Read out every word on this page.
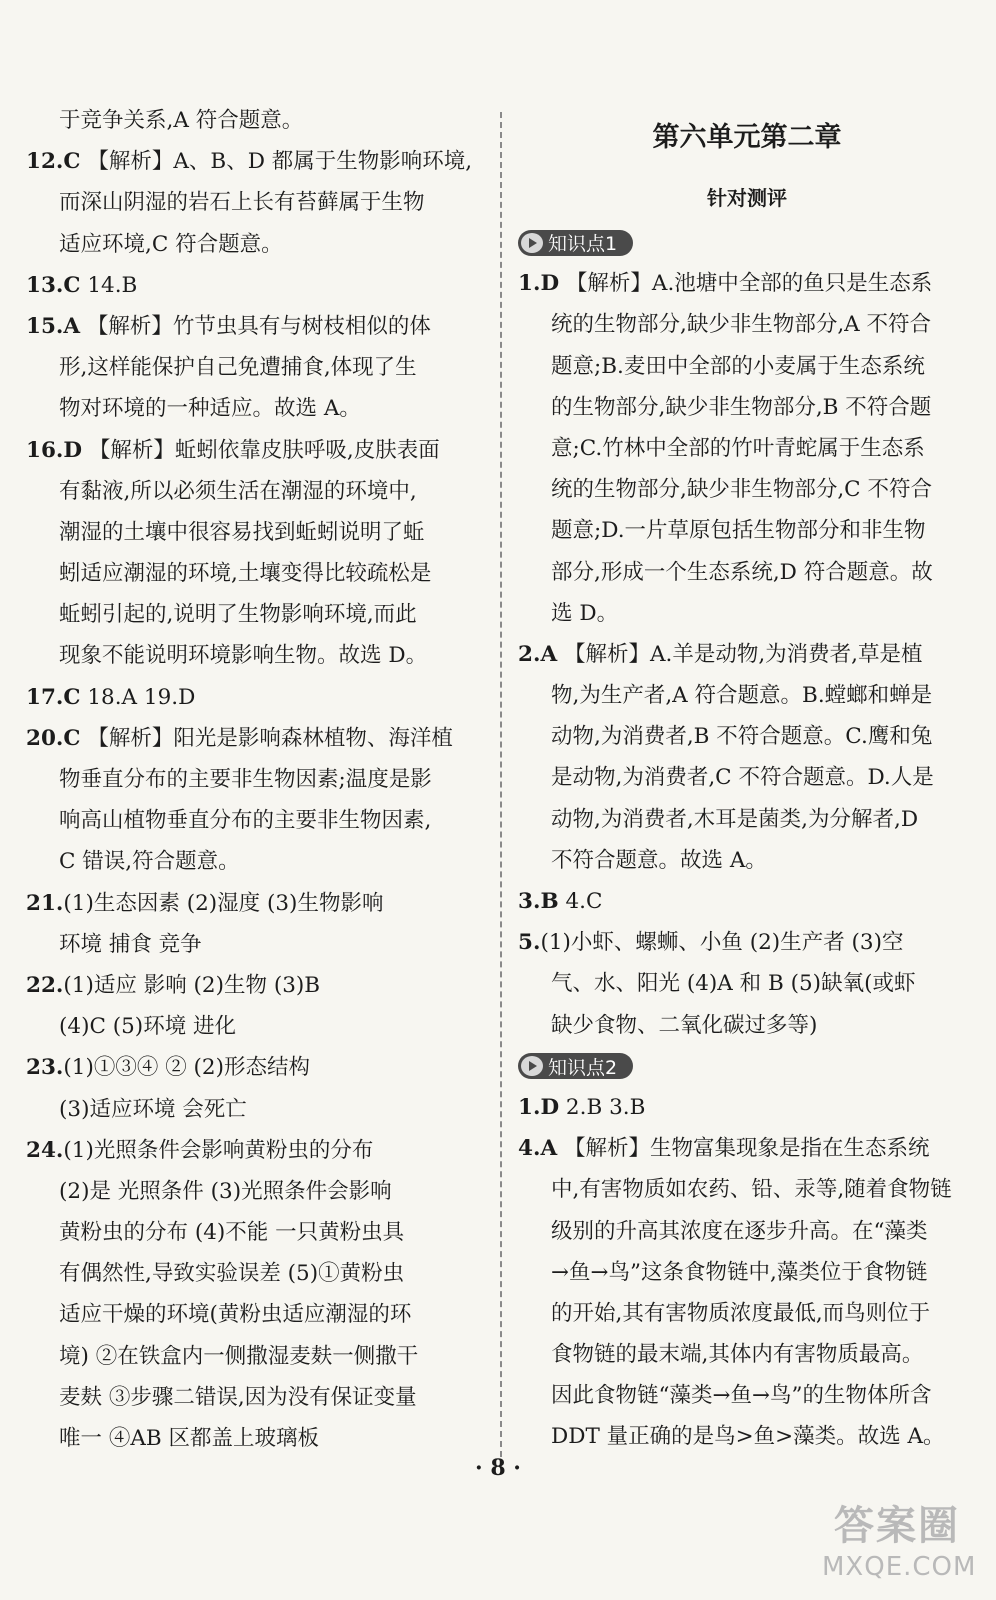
于竞争关系,A 符合题意。
12.C 【解析】A、B、D 都属于生物影响环境,
而深山阴湿的岩石上长有苔藓属于生物
适应环境,C 符合题意。
13.C 14.B
15.A 【解析】竹节虫具有与树枝相似的体
形,这样能保护自己免遭捕食,体现了生
物对环境的一种适应。故选 A。
16.D 【解析】蚯蚓依靠皮肤呼吸,皮肤表面
有黏液,所以必须生活在潮湿的环境中,
潮湿的土壤中很容易找到蚯蚓说明了蚯
蚓适应潮湿的环境,土壤变得比较疏松是
蚯蚓引起的,说明了生物影响环境,而此
现象不能说明环境影响生物。故选 D。
17.C 18.A 19.D
20.C 【解析】阳光是影响森林植物、海洋植
物垂直分布的主要非生物因素;温度是影
响高山植物垂直分布的主要非生物因素,
C 错误,符合题意。
21.(1)生态因素 (2)湿度 (3)生物影响
环境 捕食 竞争
22.(1)适应 影响 (2)生物 (3)B
(4)C (5)环境 进化
23.(1)①③④ ② (2)形态结构
(3)适应环境 会死亡
24.(1)光照条件会影响黄粉虫的分布
(2)是 光照条件 (3)光照条件会影响
黄粉虫的分布 (4)不能 一只黄粉虫具
有偶然性,导致实验误差 (5)①黄粉虫
适应干燥的环境(黄粉虫适应潮湿的环
境) ②在铁盒内一侧撒湿麦麸一侧撒干
麦麸 ③步骤二错误,因为没有保证变量
唯一 ④AB 区都盖上玻璃板
第六单元第二章
针对测评
知识点1
1.D 【解析】A.池塘中全部的鱼只是生态系
统的生物部分,缺少非生物部分,A 不符合
题意;B.麦田中全部的小麦属于生态系统
的生物部分,缺少非生物部分,B 不符合题
意;C.竹林中全部的竹叶青蛇属于生态系
统的生物部分,缺少非生物部分,C 不符合
题意;D.一片草原包括生物部分和非生物
部分,形成一个生态系统,D 符合题意。故
选 D。
2.A 【解析】A.羊是动物,为消费者,草是植
物,为生产者,A 符合题意。B.螳螂和蝉是
动物,为消费者,B 不符合题意。C.鹰和兔
是动物,为消费者,C 不符合题意。D.人是
动物,为消费者,木耳是菌类,为分解者,D
不符合题意。故选 A。
3.B 4.C
5.(1)小虾、螺蛳、小鱼 (2)生产者 (3)空
气、水、阳光 (4)A 和 B (5)缺氧(或虾
缺少食物、二氧化碳过多等)
知识点2
1.D 2.B 3.B
4.A 【解析】生物富集现象是指在生态系统
中,有害物质如农药、铅、汞等,随着食物链
级别的升高其浓度在逐步升高。在“藻类
→鱼→鸟”这条食物链中,藻类位于食物链
的开始,其有害物质浓度最低,而鸟则位于
食物链的最末端,其体内有害物质最高。
因此食物链“藻类→鱼→鸟”的生物体所含
DDT 量正确的是鸟>鱼>藻类。故选 A。
· 8 ·
答案圈
MXQE.COM
